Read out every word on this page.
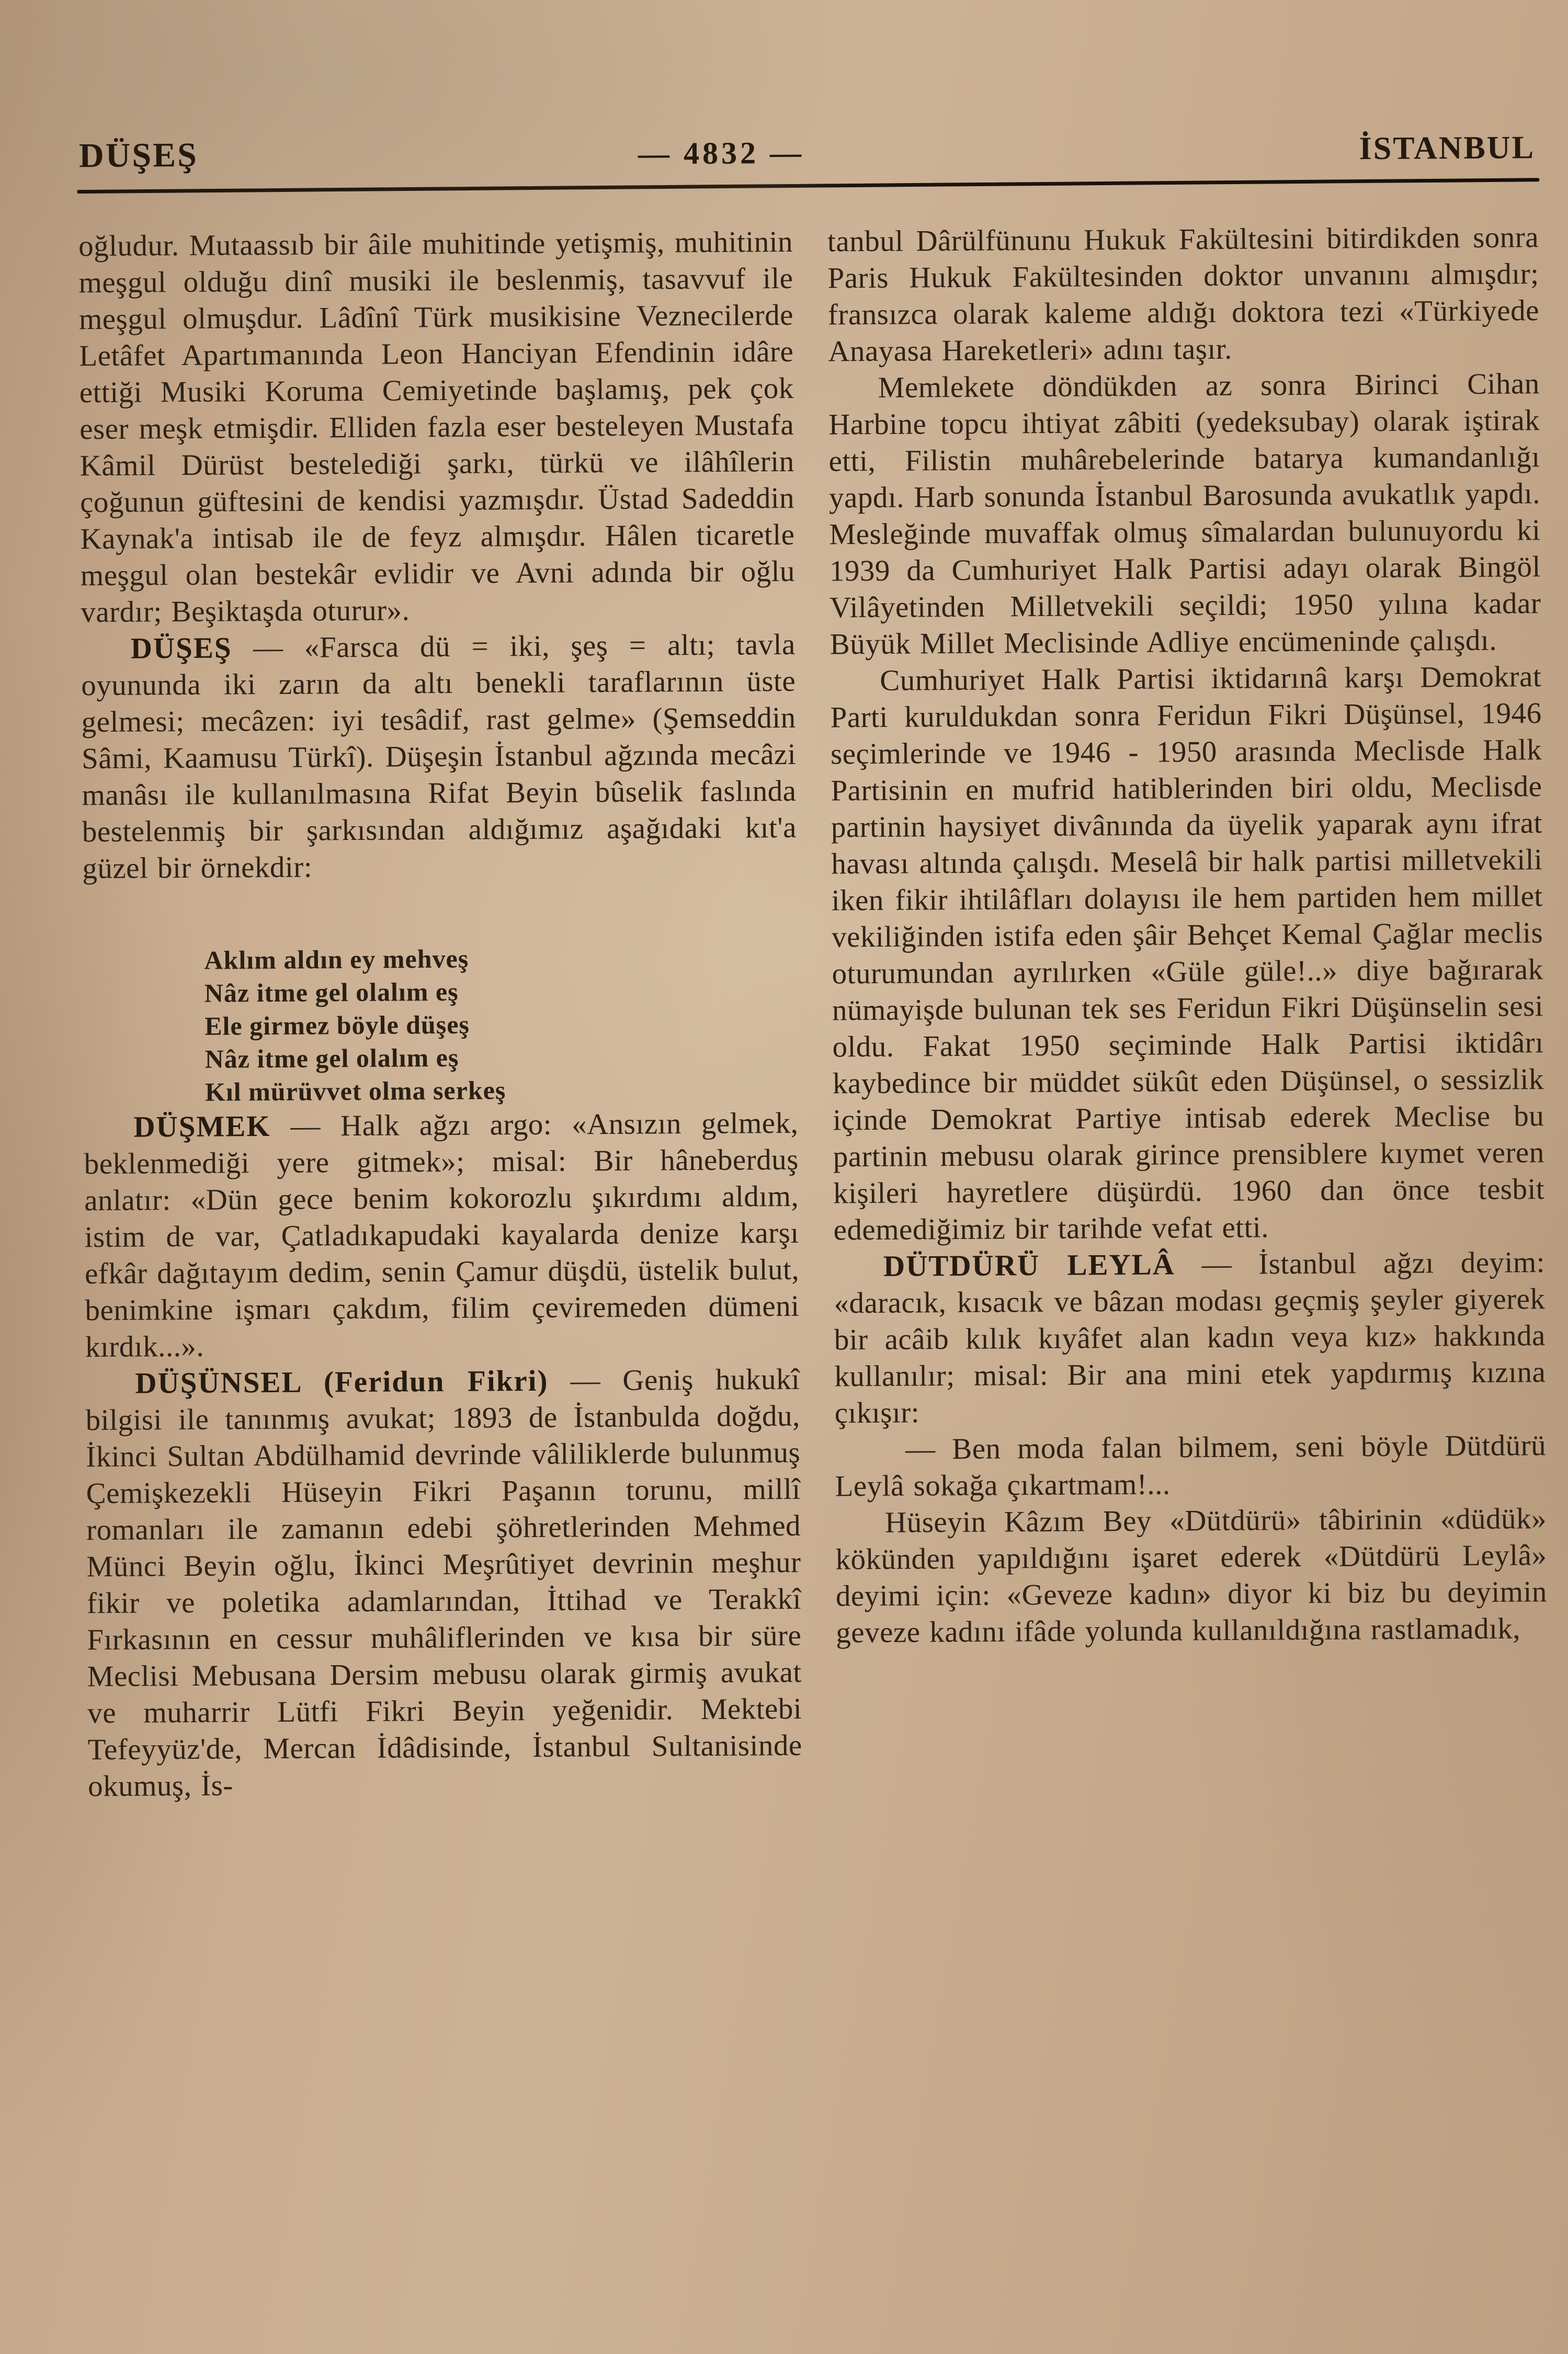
DÜŞEŞ	— 4832 —	İSTANBUL

oğludur. Mutaassıb bir âile muhitinde yetişmiş, muhitinin meşgul olduğu dinî musiki ile beslenmiş, tasavvuf ile meşgul olmuşdur. Lâdînî Türk musikisine Veznecilerde Letâfet Apartımanında Leon Hanciyan Efendinin idâre ettiği Musiki Koruma Cemiyetinde başlamış, pek çok eser meşk etmişdir. Elliden fazla eser besteleyen Mustafa Kâmil Dürüst bestelediği şarkı, türkü ve ilâhîlerin çoğunun güftesini de kendisi yazmışdır. Üstad Sadeddin Kaynak'a intisab ile de feyz almışdır. Hâlen ticaretle meşgul olan bestekâr evlidir ve Avni adında bir oğlu vardır; Beşiktaşda oturur».

DÜŞEŞ — «Farsca dü = iki, şeş = altı; tavla oyununda iki zarın da altı benekli taraflarının üste gelmesi; mecâzen: iyi tesâdif, rast gelme» (Şemseddin Sâmi, Kaamusu Türkî). Düşeşin İstanbul ağzında mecâzi manâsı ile kullanılmasına Rifat Beyin bûselik faslında bestelenmiş bir şarkısından aldığımız aşağıdaki kıt'a güzel bir örnekdir:

Aklım aldın ey mehveş
Nâz itme gel olalım eş
Ele girmez böyle düşeş
Nâz itme gel olalım eş
Kıl mürüvvet olma serkeş

DÜŞMEK — Halk ağzı argo: «Ansızın gelmek, beklenmediği yere gitmek»; misal: Bir hâneberduş anlatır: «Dün gece benim kokorozlu şıkırdımı aldım, istim de var, Çatladıkapudaki kayalarda denize karşı efkâr dağıtayım dedim, senin Çamur düşdü, üstelik bulut, benimkine işmarı çakdım, filim çeviremeden dümeni kırdık...».

DÜŞÜNSEL (Feridun Fikri) — Geniş hukukî bilgisi ile tanınmış avukat; 1893 de İstanbulda doğdu, İkinci Sultan Abdülhamid devrinde vâliliklerde bulunmuş Çemişkezekli Hüseyin Fikri Paşanın torunu, millî romanları ile zamanın edebi şöhretlerinden Mehmed Münci Beyin oğlu, İkinci Meşrûtiyet devrinin meşhur fikir ve poletika adamlarından, İttihad ve Terakkî Fırkasının en cessur muhâliflerinden ve kısa bir süre Meclisi Mebusana Dersim mebusu olarak girmiş avukat ve muharrir Lütfi Fikri Beyin yeğenidir. Mektebi Tefeyyüz'de, Mercan İdâdisinde, İstanbul Sultanisinde okumuş, İs-

tanbul Dârülfünunu Hukuk Fakültesini bitirdikden sonra Paris Hukuk Fakültesinden doktor unvanını almışdır; fransızca olarak kaleme aldığı doktora tezi «Türkiyede Anayasa Hareketleri» adını taşır.

Memlekete döndükden az sonra Birinci Cihan Harbine topcu ihtiyat zâbiti (yedeksubay) olarak iştirak etti, Filistin muhârebelerinde batarya kumandanlığı yapdı. Harb sonunda İstanbul Barosunda avukatlık yapdı. Mesleğinde muvaffak olmuş sîmalardan bulunuyordu ki 1939 da Cumhuriyet Halk Partisi adayı olarak Bingöl Vilâyetinden Milletvekili seçildi; 1950 yılına kadar Büyük Millet Meclisinde Adliye encümeninde çalışdı.

Cumhuriyet Halk Partisi iktidarınâ karşı Demokrat Parti kuruldukdan sonra Feridun Fikri Düşünsel, 1946 seçimlerinde ve 1946 - 1950 arasında Meclisde Halk Partisinin en mufrid hatiblerinden biri oldu, Meclisde partinin haysiyet divânında da üyelik yaparak aynı ifrat havası altında çalışdı. Meselâ bir halk partisi milletvekili iken fikir ihtilâfları dolayısı ile hem partiden hem millet vekiliğinden istifa eden şâir Behçet Kemal Çağlar meclis oturumundan ayrılırken «Güle güle!..» diye bağırarak nümayişde bulunan tek ses Feridun Fikri Düşünselin sesi oldu. Fakat 1950 seçiminde Halk Partisi iktidârı kaybedince bir müddet sükût eden Düşünsel, o sessizlik içinde Demokrat Partiye intisab ederek Meclise bu partinin mebusu olarak girince prensiblere kıymet veren kişileri hayretlere düşürdü. 1960 dan önce tesbit edemediğimiz bir tarihde vefat etti.

DÜTDÜRÜ LEYLÂ — İstanbul ağzı deyim: «daracık, kısacık ve bâzan modası geçmiş şeyler giyerek bir acâib kılık kıyâfet alan kadın veya kız» hakkında kullanılır; misal: Bir ana mini etek yapdırmış kızına çıkışır:

— Ben moda falan bilmem, seni böyle Dütdürü Leylâ sokağa çıkartmam!...

Hüseyin Kâzım Bey «Dütdürü» tâbirinin «düdük» kökünden yapıldığını işaret ederek «Dütdürü Leylâ» deyimi için: «Geveze kadın» diyor ki biz bu deyimin geveze kadını ifâde yolunda kullanıldığına rastlamadık,
